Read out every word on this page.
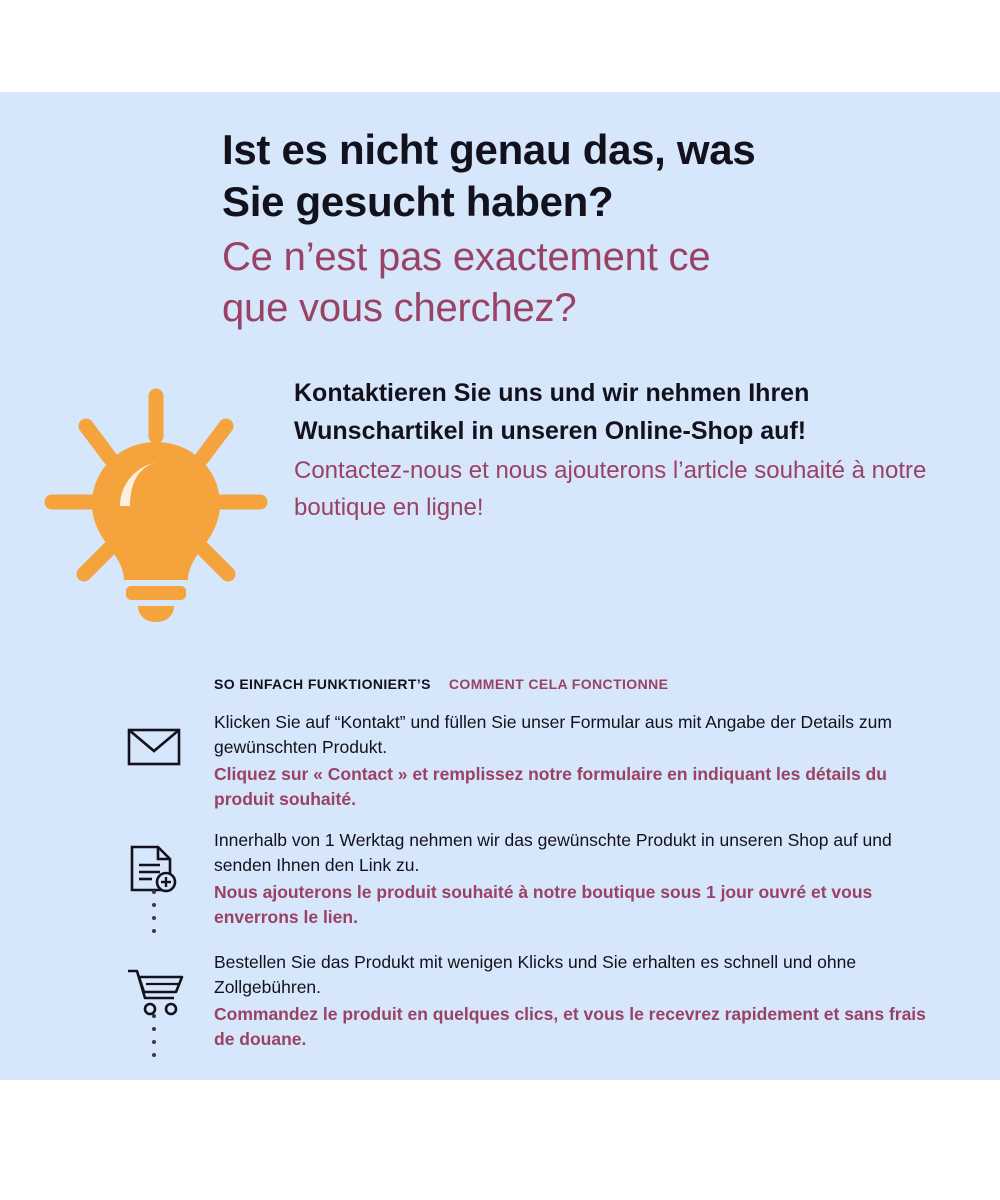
Ist es nicht genau das, was
Sie gesucht haben?
Ce n’est pas exactement ce
que vous cherchez?

Kontaktieren Sie uns und wir nehmen Ihren Wunschartikel in unseren Online-Shop auf!

Contactez-nous et nous ajouterons l’article souhaité à notre boutique en ligne!

SO EINFACH FUNKTIONIERT’S COMMENT CELA FONCTIONNE

Klicken Sie auf “Kontakt” und füllen Sie unser Formular aus mit Angabe der Details zum gewünschten Produkt.

Cliquez sur « Contact » et remplissez notre formulaire en indiquant les détails du produit souhaité.

Innerhalb von 1 Werktag nehmen wir das gewünschte Produkt in unseren Shop auf und senden Ihnen den Link zu.

Nous ajouterons le produit souhaité à notre boutique sous 1 jour ouvré et vous enverrons le lien.

Bestellen Sie das Produkt mit wenigen Klicks und Sie erhalten es schnell und ohne Zollgebühren.

Commandez le produit en quelques clics, et vous le recevrez rapidement et sans frais de douane.
